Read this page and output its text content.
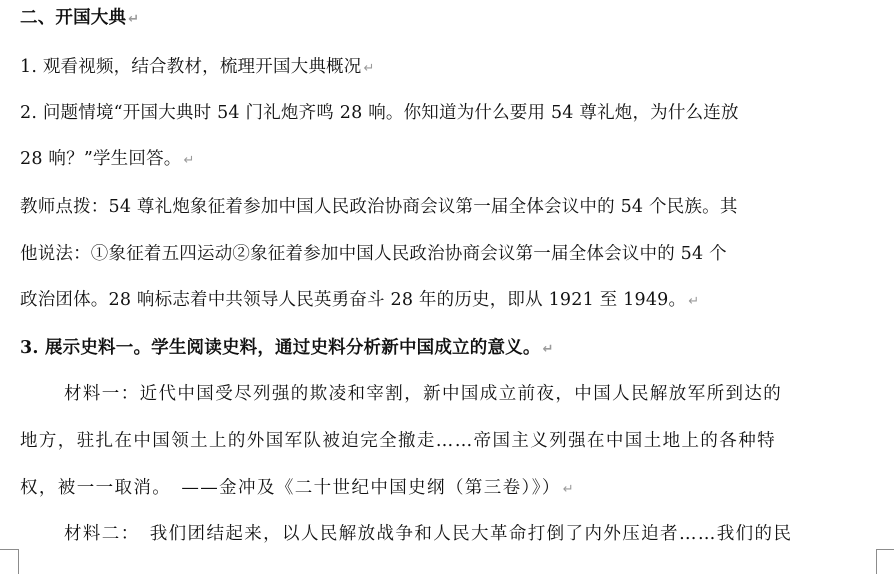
二、开国大典 ↵
1. 观看视频，结合教材，梳理开国大典概况 ↵
2. 问题情境“开国大典时 54 门礼炮齐鸣 28 响。你知道为什么要用 54 尊礼炮，为什么连放
28 响？”学生回答。 ↵
教师点拨：54 尊礼炮象征着参加中国人民政治协商会议第一届全体会议中的 54 个民族。其
他说法：①象征着五四运动②象征着参加中国人民政治协商会议第一届全体会议中的 54 个
政治团体。28 响标志着中共领导人民英勇奋斗 28 年的历史，即从 1921 至 1949。 ↵
3. 展示史料一。学生阅读史料，通过史料分析新中国成立的意义。 ↵
材料一：近代中国受尽列强的欺凌和宰割，新中国成立前夜，中国人民解放军所到达的
地方，驻扎在中国领土上的外国军队被迫完全撤走……帝国主义列强在中国土地上的各种特
权，被一一取消。　——金冲及《二十世纪中国史纲（第三卷）》） ↵
材料二：　我们团结起来，以人民解放战争和人民大革命打倒了内外压迫者……我们的民
